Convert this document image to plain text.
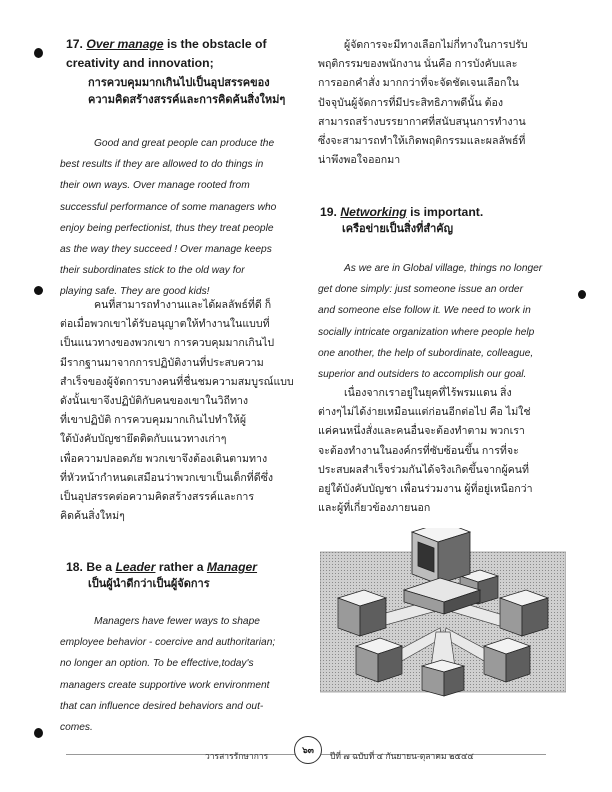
17. Over manage is the obstacle of
creativity and innovation;
การควบคุมมากเกินไปเป็นอุปสรรคของ
ความคิดสร้างสรรค์และการคิดค้นสิ่งใหม่ๆ
Good and great people can produce the
best results if they are allowed to do things in
their own ways. Over manage rooted from
successful performance of some managers who
enjoy being perfectionist, thus they treat people
as the way they succeed ! Over manage keeps
their subordinates stick to the old way for
playing safe. They are good kids!
คนที่สามารถทำงานและได้ผลลัพธ์ที่ดี ก็
ต่อเมื่อพวกเขาได้รับอนุญาตให้ทำงานในแบบที่
เป็นแนวทางของพวกเขา การควบคุมมากเกินไป
มีรากฐานมาจากการปฏิบัติงานที่ประสบความ
สำเร็จของผู้จัดการบางคนที่ชื่นชมความสมบูรณ์แบบ
ดังนั้นเขาจึงปฏิบัติกับคนของเขาในวิถีทาง
ที่เขาปฏิบัติ การควบคุมมากเกินไปทำให้ผู้
ใต้บังคับบัญชายึดติดกับแนวทางเก่าๆ
เพื่อความปลอดภัย พวกเขาจึงต้องเดินตามทาง
ที่หัวหน้ากำหนดเสมือนว่าพวกเขาเป็นเด็กที่ดีซึ่ง
เป็นอุปสรรคต่อความคิดสร้างสรรค์และการ
คิดค้นสิ่งใหม่ๆ
18. Be a Leader rather a Manager
เป็นผู้นำดีกว่าเป็นผู้จัดการ
Managers have fewer ways to shape
employee behavior - coercive and authoritarian;
no longer an option. To be effective,today's
managers create supportive work environment
that can influence desired behaviors and out-
comes.
ผู้จัดการจะมีทางเลือกไม่กี่ทางในการปรับ
พฤติกรรมของพนักงาน นั่นคือ การบังคับและ
การออกคำสั่ง มากกว่าที่จะจัดชัดเจนเลือกใน
ปัจจุบันผู้จัดการที่มีประสิทธิภาพดีนั้น ต้อง
สามารถสร้างบรรยากาศที่สนับสนุนการทำงาน
ซึ่งจะสามารถทำให้เกิดพฤติกรรมและผลลัพธ์ที่
น่าพึงพอใจออกมา
19. Networking is important.
เครือข่ายเป็นสิ่งที่สำคัญ
As we are in Global village, things no longer
get done simply: just someone issue an order
and someone else follow it. We need to work in
socially intricate organization where people help
one another, the help of subordinate, colleague,
superior and outsiders to accomplish our goal.
เนื่องจากเราอยู่ในยุคที่ไร้พรมแดน สิ่ง
ต่างๆไม่ได้ง่ายเหมือนแต่ก่อนอีกต่อไป คือ ไม่ใช่
แค่คนหนึ่งสั่งและคนอื่นจะต้องทำตาม พวกเรา
จะต้องทำงานในองค์กรที่ซับซ้อนขึ้น การที่จะ
ประสบผลสำเร็จร่วมกันได้จริงเกิดขึ้นจากผู้คนที่
อยู่ใต้บังคับบัญชา เพื่อนร่วมงาน ผู้ที่อยู่เหนือกว่า
และผู้ที่เกี่ยวข้องภายนอก
วารสารรักษาการ
๖๓
ปีที่ ๗ ฉบับที่ ๔ กันยายน-ตุลาคม ๒๕๔๔
